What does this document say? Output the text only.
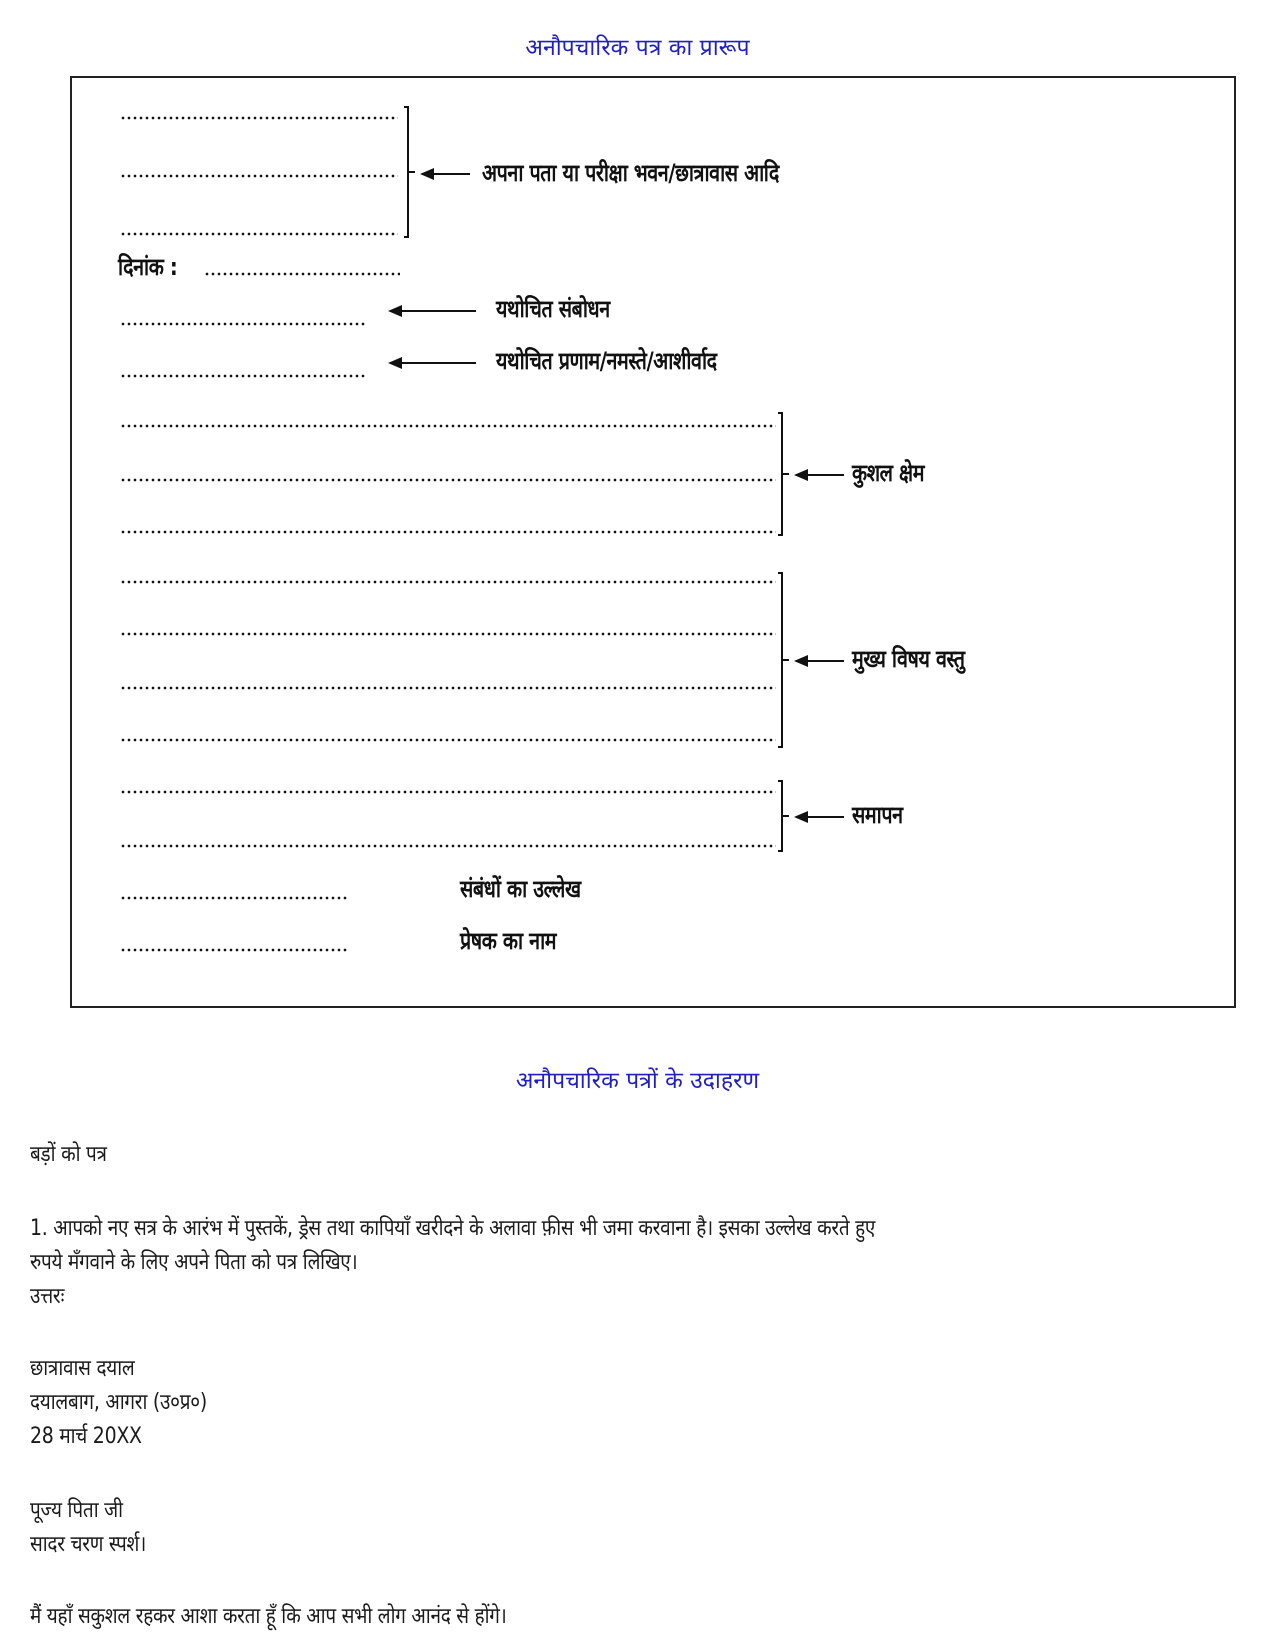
अनौपचारिक पत्र का प्रारूप
अपना पता या परीक्षा भवन/छात्रावास आदि
दिनांक :
यथोचित संबोधन
यथोचित प्रणाम/नमस्ते/आशीर्वाद
कुशल क्षेम
मुख्य विषय वस्तु
समापन
संबंधों का उल्लेख
प्रेषक का नाम
अनौपचारिक पत्रों के उदाहरण
बड़ों को पत्र
1. आपको नए सत्र के आरंभ में पुस्तकें, ड्रेस तथा कापियाँ खरीदने के अलावा फ़ीस भी जमा करवाना है। इसका उल्लेख करते हुए
रुपये मँगवाने के लिए अपने पिता को पत्र लिखिए।
उत्तरः
छात्रावास दयाल
दयालबाग, आगरा (उ०प्र०)
28 मार्च 20XX
पूज्य पिता जी
सादर चरण स्पर्श।
मैं यहाँ सकुशल रहकर आशा करता हूँ कि आप सभी लोग आनंद से होंगे।
